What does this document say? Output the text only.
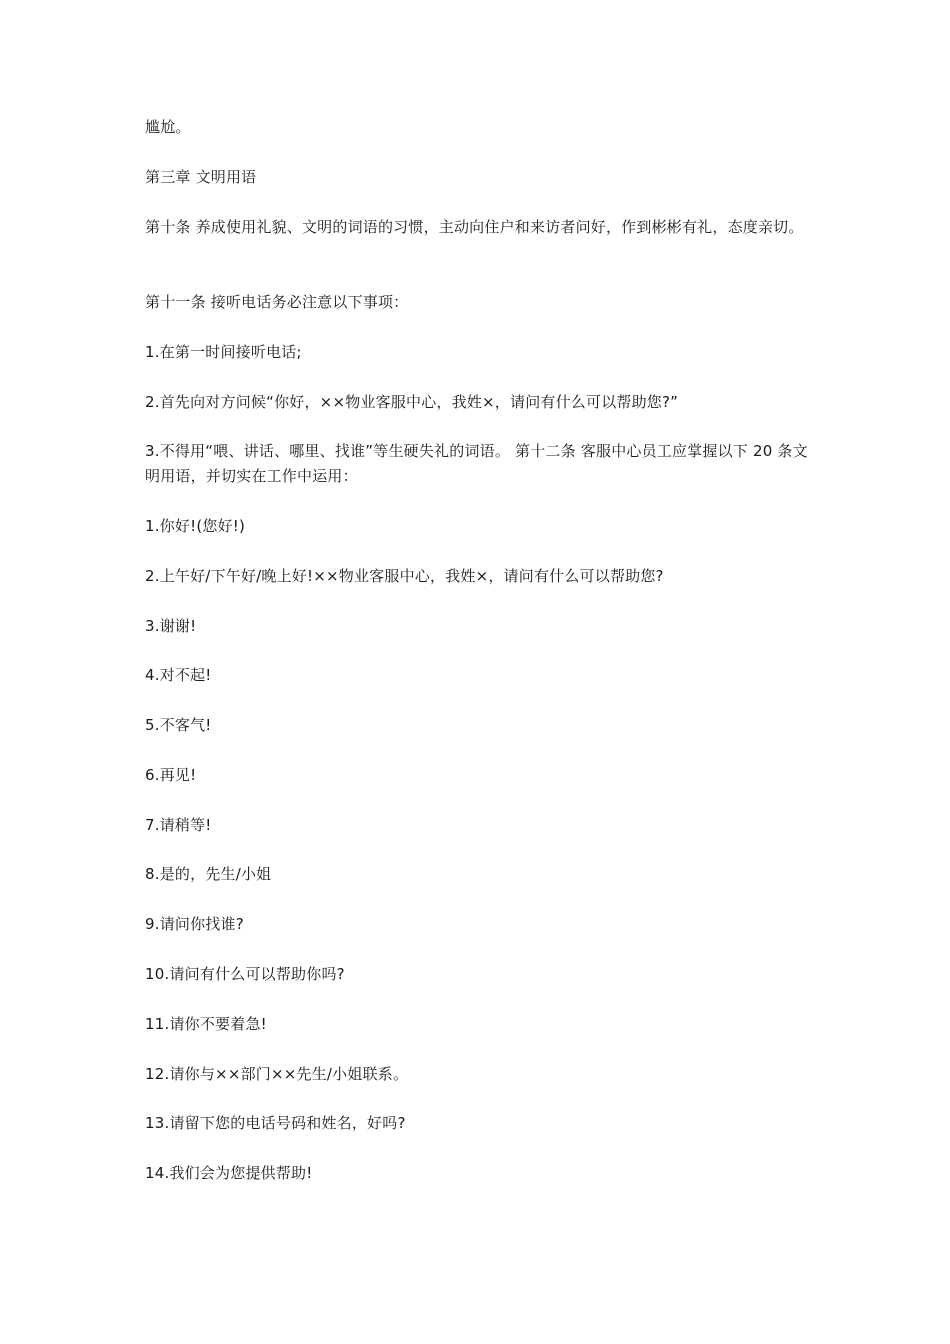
尴尬。

第三章 文明用语

第十条 养成使用礼貌、文明的词语的习惯，主动向住户和来访者问好，作到彬彬有礼，态度亲切。

第十一条 接听电话务必注意以下事项：

1.在第一时间接听电话;

2.首先向对方问候“你好，××物业客服中心，我姓×，请问有什么可以帮助您?”

3.不得用“喂、讲话、哪里、找谁”等生硬失礼的词语。 第十二条 客服中心员工应掌握以下 20 条文明用语，并切实在工作中运用：

1.你好!(您好!)

2.上午好/下午好/晚上好!××物业客服中心，我姓×，请问有什么可以帮助您?

3.谢谢!

4.对不起!

5.不客气!

6.再见!

7.请稍等!

8.是的，先生/小姐

9.请问你找谁?

10.请问有什么可以帮助你吗?

11.请你不要着急!

12.请你与××部门××先生/小姐联系。

13.请留下您的电话号码和姓名，好吗?

14.我们会为您提供帮助!
